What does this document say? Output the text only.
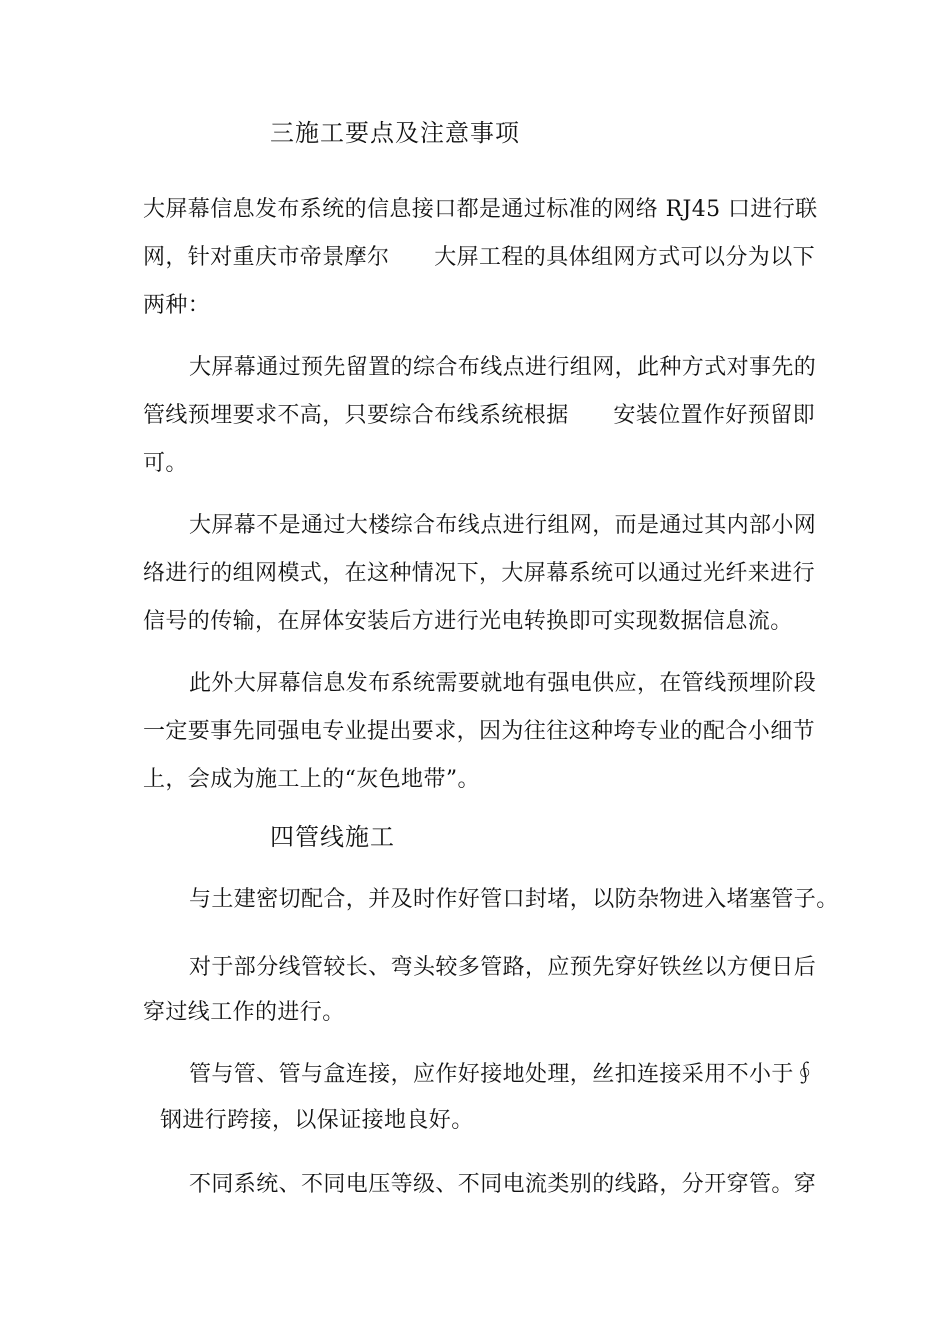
三施工要点及注意事项

大屏幕信息发布系统的信息接口都是通过标准的网络 RJ45 口进行联

网，针对重庆市帝景摩尔　　大屏工程的具体组网方式可以分为以下

两种：

大屏幕通过预先留置的综合布线点进行组网，此种方式对事先的

管线预埋要求不高，只要综合布线系统根据　　安装位置作好预留即

可。

大屏幕不是通过大楼综合布线点进行组网，而是通过其内部小网

络进行的组网模式，在这种情况下，大屏幕系统可以通过光纤来进行

信号的传输，在屏体安装后方进行光电转换即可实现数据信息流。

此外大屏幕信息发布系统需要就地有强电供应，在管线预埋阶段

一定要事先同强电专业提出要求，因为往往这种垮专业的配合小细节

上，会成为施工上的“灰色地带”。

四管线施工

与土建密切配合，并及时作好管口封堵，以防杂物进入堵塞管子。

对于部分线管较长、弯头较多管路，应预先穿好铁丝以方便日后

穿过线工作的进行。

管与管、管与盒连接，应作好接地处理，丝扣连接采用不小于∮

钢进行跨接，以保证接地良好。

不同系统、不同电压等级、不同电流类别的线路，分开穿管。穿
